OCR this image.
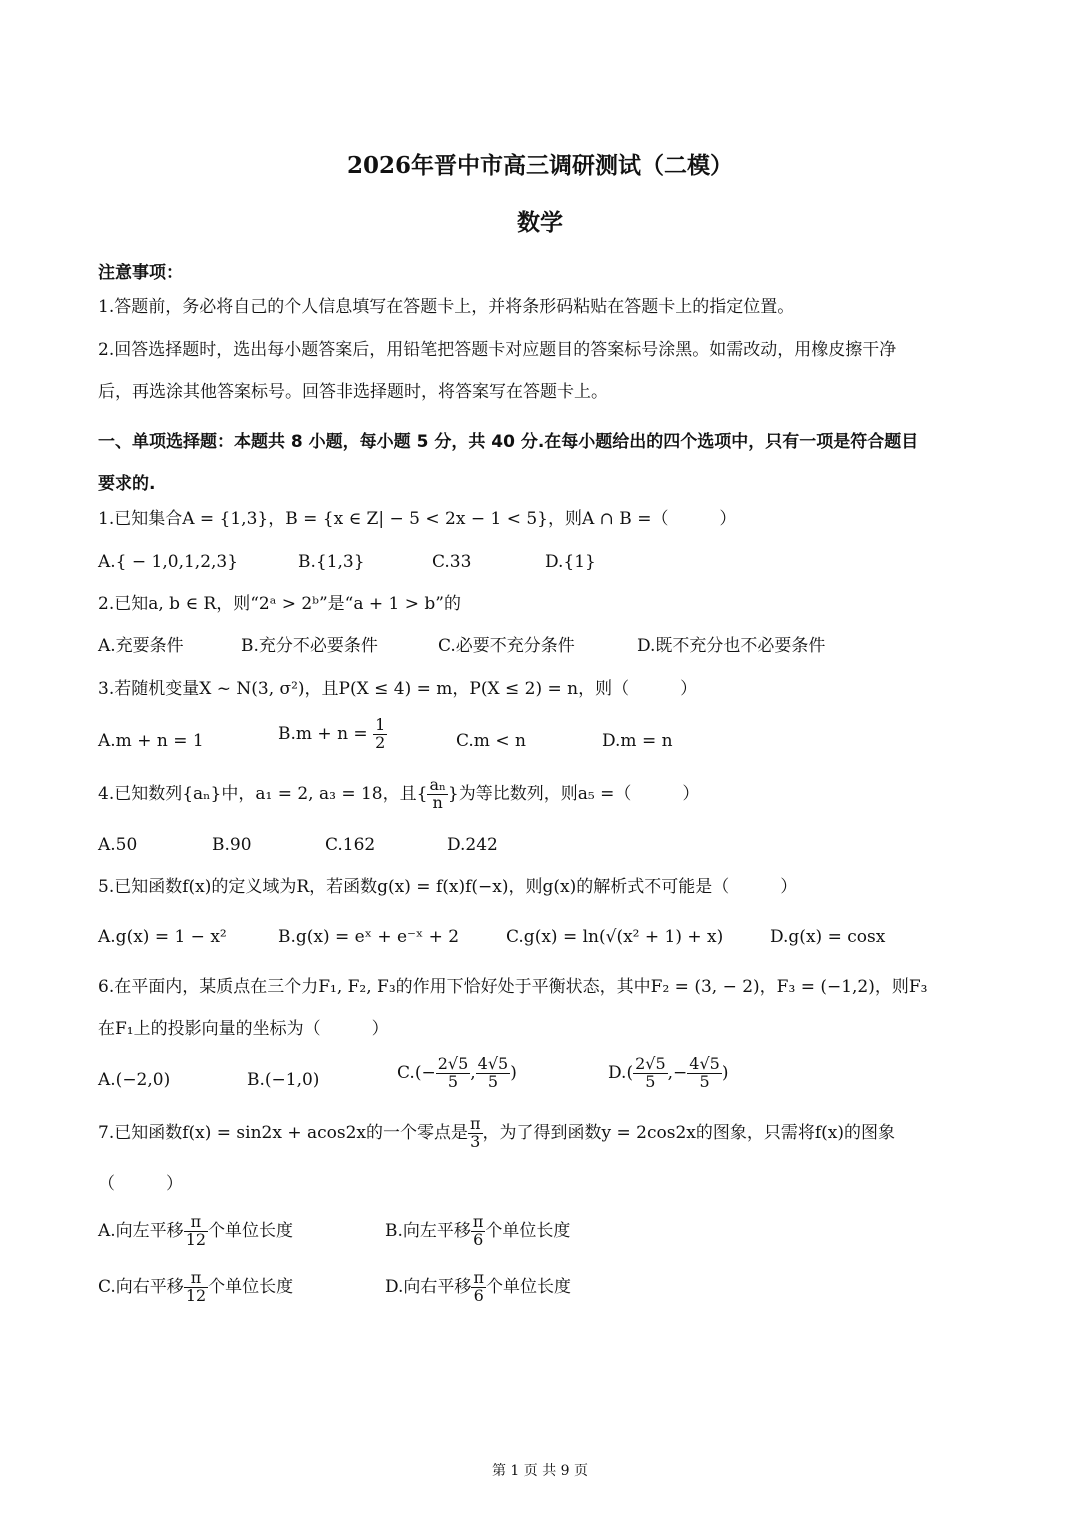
2026年晋中市高三调研测试（二模）
数学
注意事项：
1.答题前，务必将自己的个人信息填写在答题卡上，并将条形码粘贴在答题卡上的指定位置。
2.回答选择题时，选出每小题答案后，用铅笔把答题卡对应题目的答案标号涂黑。如需改动，用橡皮擦干净
后，再选涂其他答案标号。回答非选择题时，将答案写在答题卡上。
一、单项选择题：本题共 8 小题，每小题 5 分，共 40 分.在每小题给出的四个选项中，只有一项是符合题目
要求的.
1.已知集合A = {1,3}，B = {x ∈ Z| − 5 < 2x − 1 < 5}，则A ∩ B =（　　　）
A.{ − 1,0,1,2,3}	B.{1,3}	C.33	D.{1}
2.已知a, b ∈ R，则“2ᵃ > 2ᵇ”是“a + 1 > b”的
A.充要条件	B.充分不必要条件	C.必要不充分条件	D.既不充分也不必要条件
3.若随机变量X ~ N(3, σ²)，且P(X ≤ 4) = m，P(X ≤ 2) = n，则（　　　）
A.m + n = 1	$B.m + n = \frac{1}{2}$	C.m < n	D.m = n
4.已知数列{aₙ}中，a₁ = 2, a₃ = 18，且{ $\frac{\text{aₙ}}{n}$ }为等比数列，则a₅ =（　　　）
A.50	B.90	C.162	D.242
5.已知函数f(x)的定义域为R，若函数g(x) = f(x)f(−x)，则g(x)的解析式不可能是（　　　）
A.g(x) = 1 − x²	B.g(x) = eˣ + e⁻ˣ + 2	C.g(x) = ln(√(x² + 1) + x)	D.g(x) = cosx
6.在平面内，某质点在三个力F₁, F₂, F₃的作用下恰好处于平衡状态，其中F₂ = (3, − 2)，F₃ = (−1,2)，则F₃
在F₁上的投影向量的坐标为（　　　）
A.(−2,0)	B.(−1,0)	$C.(- \frac{2√5}{5}$ , $\frac{4√5}{5}$ )	$D.( \frac{2√5}{5}$ ,− $\frac{4√5}{5}$ )
7.已知函数f(x) = sin2x + acos2x的一个零点是 $\frac{\pi}{3}$ ，为了得到函数y = 2cos2x的图象，只需将f(x)的图象
（　　　）
A.向左平移 $\frac{\pi}{12}$ 个单位长度	B.向左平移 $\frac{\pi}{6}$ 个单位长度
C.向右平移 $\frac{\pi}{12}$ 个单位长度	D.向右平移 $\frac{\pi}{6}$ 个单位长度
第 1 页 共 9 页
